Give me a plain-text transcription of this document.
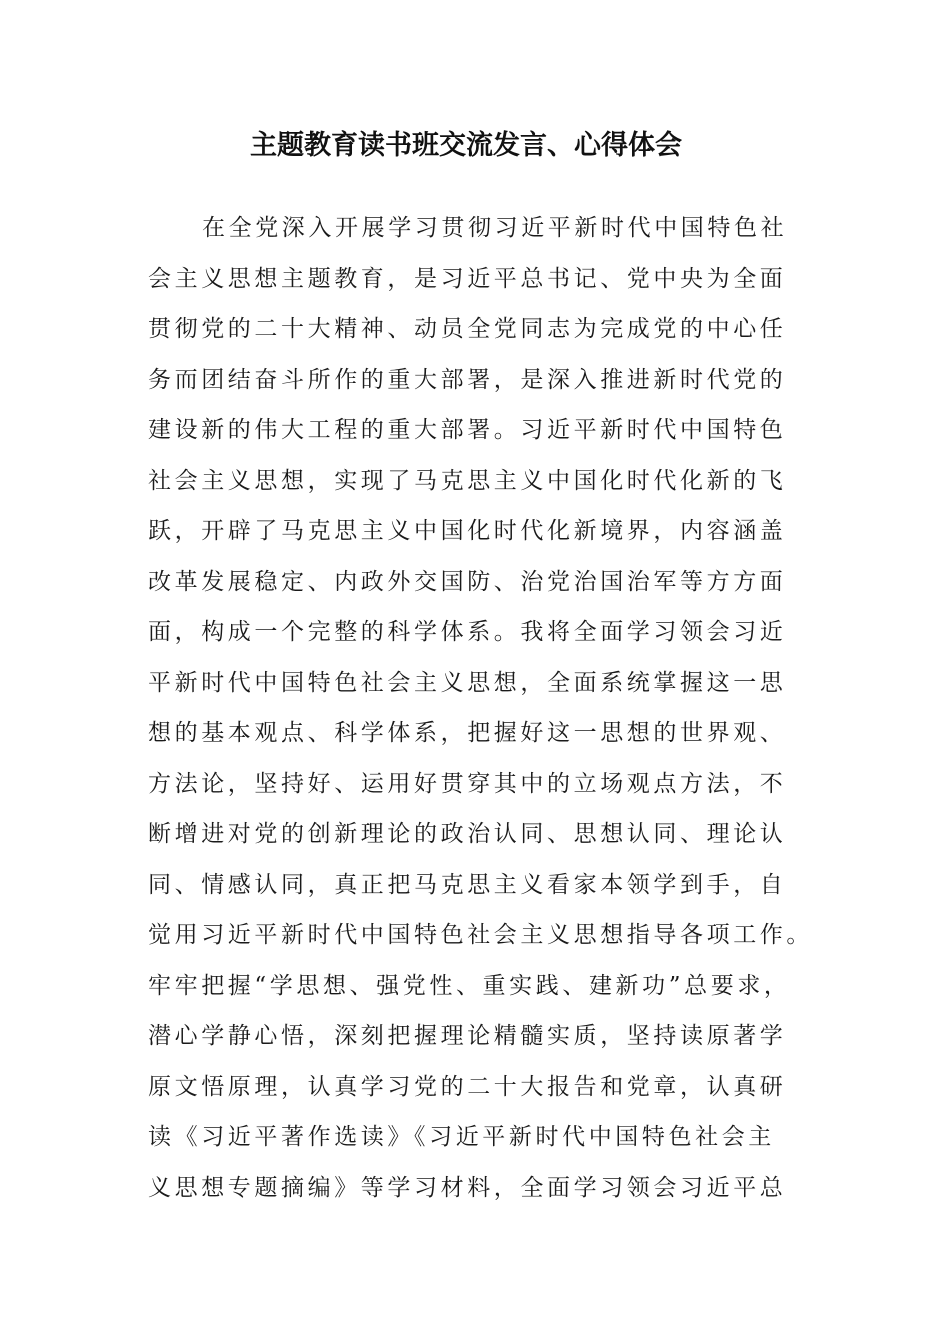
主题教育读书班交流发言、心得体会
在全党深入开展学习贯彻习近平新时代中国特色社
会主义思想主题教育，是习近平总书记、党中央为全面
贯彻党的二十大精神、动员全党同志为完成党的中心任
务而团结奋斗所作的重大部署，是深入推进新时代党的
建设新的伟大工程的重大部署。习近平新时代中国特色
社会主义思想，实现了马克思主义中国化时代化新的飞
跃，开辟了马克思主义中国化时代化新境界，内容涵盖
改革发展稳定、内政外交国防、治党治国治军等方方面
面，构成一个完整的科学体系。我将全面学习领会习近
平新时代中国特色社会主义思想，全面系统掌握这一思
想的基本观点、科学体系，把握好这一思想的世界观、
方法论，坚持好、运用好贯穿其中的立场观点方法，不
断增进对党的创新理论的政治认同、思想认同、理论认
同、情感认同，真正把马克思主义看家本领学到手，自
觉用习近平新时代中国特色社会主义思想指导各项工作。
牢牢把握“学思想、强党性、重实践、建新功”总要求，
潜心学静心悟，深刻把握理论精髓实质，坚持读原著学
原文悟原理，认真学习党的二十大报告和党章，认真研
读《习近平著作选读》《习近平新时代中国特色社会主
义思想专题摘编》等学习材料，全面学习领会习近平总
